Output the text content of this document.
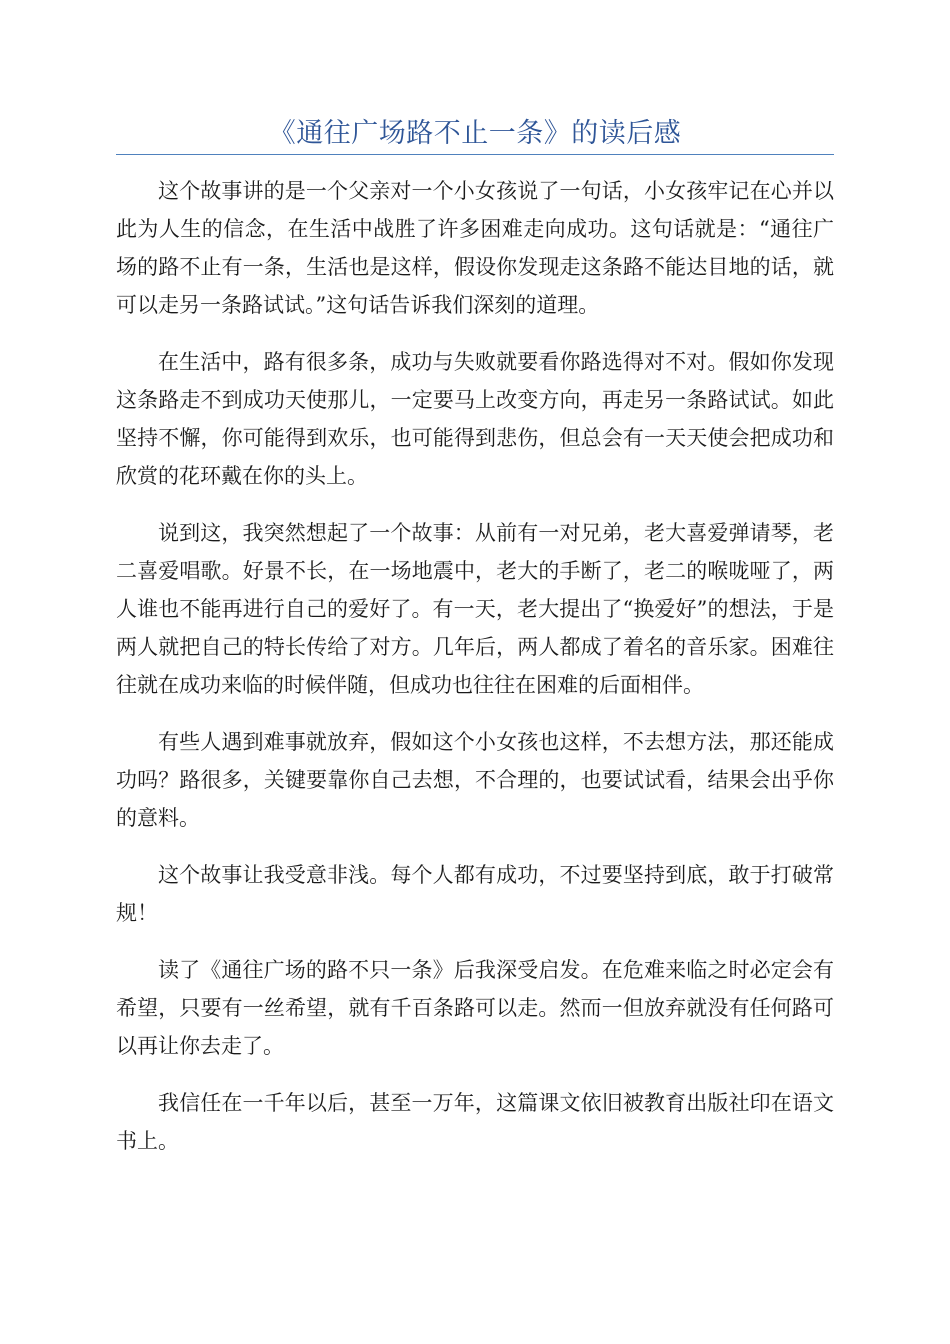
《通往广场路不止一条》的读后感

这个故事讲的是一个父亲对一个小女孩说了一句话，小女孩牢记在心并以此为人生的信念，在生活中战胜了许多困难走向成功。这句话就是：“通往广场的路不止有一条，生活也是这样，假设你发现走这条路不能达目地的话，就可以走另一条路试试。”这句话告诉我们深刻的道理。

在生活中，路有很多条，成功与失败就要看你路选得对不对。假如你发现这条路走不到成功天使那儿，一定要马上改变方向，再走另一条路试试。如此坚持不懈，你可能得到欢乐，也可能得到悲伤，但总会有一天天使会把成功和欣赏的花环戴在你的头上。

说到这，我突然想起了一个故事：从前有一对兄弟，老大喜爱弹请琴，老二喜爱唱歌。好景不长，在一场地震中，老大的手断了，老二的喉咙哑了，两人谁也不能再进行自己的爱好了。有一天，老大提出了“换爱好”的想法，于是两人就把自己的特长传给了对方。几年后，两人都成了着名的音乐家。困难往往就在成功来临的时候伴随，但成功也往往在困难的后面相伴。

有些人遇到难事就放弃，假如这个小女孩也这样，不去想方法，那还能成功吗？路很多，关键要靠你自己去想，不合理的，也要试试看，结果会出乎你的意料。

这个故事让我受意非浅。每个人都有成功，不过要坚持到底，敢于打破常规！

读了《通往广场的路不只一条》后我深受启发。在危难来临之时必定会有希望，只要有一丝希望，就有千百条路可以走。然而一但放弃就没有任何路可以再让你去走了。

我信任在一千年以后，甚至一万年，这篇课文依旧被教育出版社印在语文书上。
